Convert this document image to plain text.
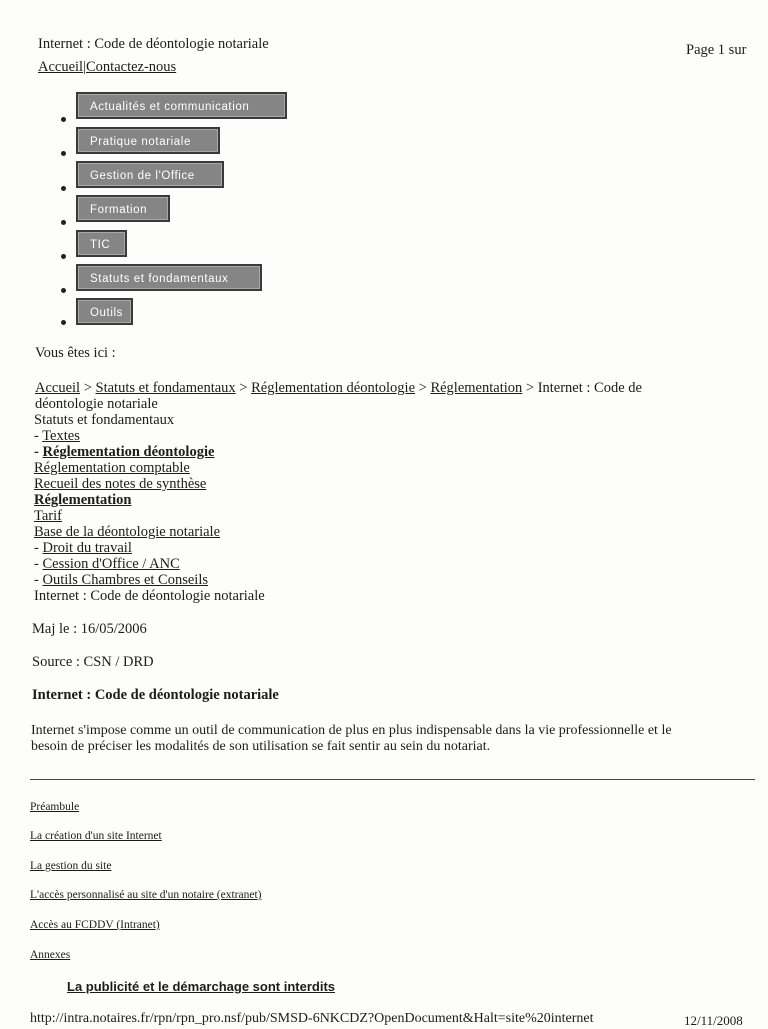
Internet : Code de déontologie notariale	Page 1 sur
Accueil|Contactez-nous
Actualités et communication
Pratique notariale
Gestion de l'Office
Formation
TIC
Statuts et fondamentaux
Outils
Vous êtes ici :
Accueil > Statuts et fondamentaux > Réglementation déontologie > Réglementation > Internet : Code de
déontologie notariale
Statuts et fondamentaux
- Textes
- Réglementation déontologie
Réglementation comptable
Recueil des notes de synthèse
Réglementation
Tarif
Base de la déontologie notariale
- Droit du travail
- Cession d'Office / ANC
- Outils Chambres et Conseils
Internet : Code de déontologie notariale
Maj le : 16/05/2006
Source : CSN / DRD
Internet : Code de déontologie notariale
Internet s'impose comme un outil de communication de plus en plus indispensable dans la vie professionnelle et le
besoin de préciser les modalités de son utilisation se fait sentir au sein du notariat.
Préambule
La création d'un site Internet
La gestion du site
L'accès personnalisé au site d'un notaire (extranet)
Accès au FCDDV (Intranet)
Annexes
La publicité et le démarchage sont interdits
http://intra.notaires.fr/rpn/rpn_pro.nsf/pub/SMSD-6NKCDZ?OpenDocument&Halt=site%20internet	12/11/2008
